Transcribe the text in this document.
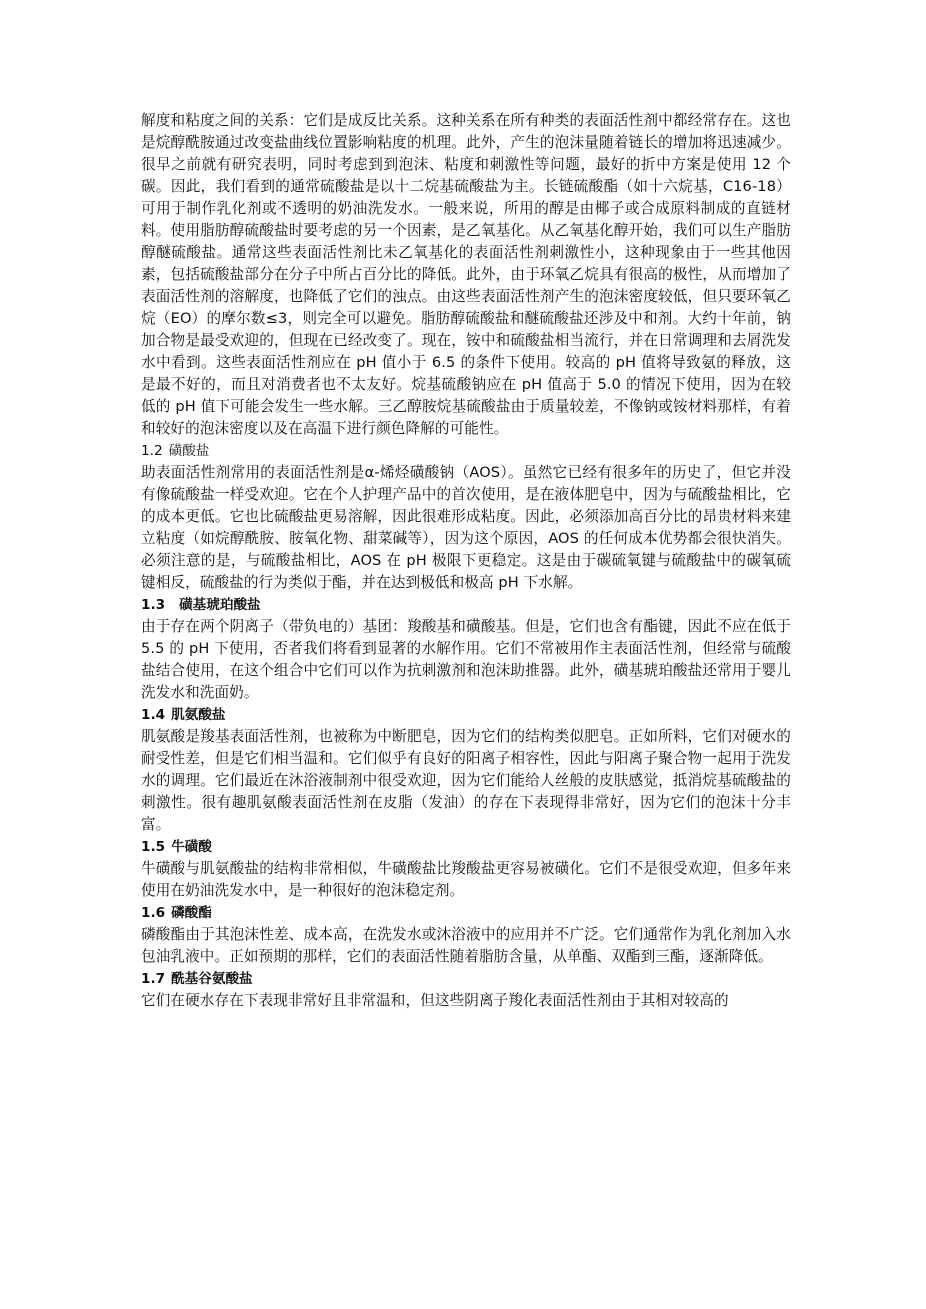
解度和粘度之间的关系：它们是成反比关系。这种关系在所有种类的表面活性剂中都经常存在。这也是烷醇酰胺通过改变盐曲线位置影响粘度的机理。此外，产生的泡沫量随着链长的增加将迅速减少。很早之前就有研究表明，同时考虑到到泡沫、粘度和刺激性等问题，最好的折中方案是使用 12 个碳。因此，我们看到的通常硫酸盐是以十二烷基硫酸盐为主。长链硫酸酯（如十六烷基，C16-18）可用于制作乳化剂或不透明的奶油洗发水。一般来说，所用的醇是由椰子或合成原料制成的直链材料。使用脂肪醇硫酸盐时要考虑的另一个因素，是乙氧基化。从乙氧基化醇开始，我们可以生产脂肪醇醚硫酸盐。通常这些表面活性剂比未乙氧基化的表面活性剂刺激性小，这种现象由于一些其他因素，包括硫酸盐部分在分子中所占百分比的降低。此外，由于环氧乙烷具有很高的极性，从而增加了表面活性剂的溶解度，也降低了它们的浊点。由这些表面活性剂产生的泡沫密度较低，但只要环氧乙烷（EO）的摩尔数≤3，则完全可以避免。脂肪醇硫酸盐和醚硫酸盐还涉及中和剂。大约十年前，钠加合物是最受欢迎的，但现在已经改变了。现在，铵中和硫酸盐相当流行，并在日常调理和去屑洗发水中看到。这些表面活性剂应在 pH 值小于 6.5 的条件下使用。较高的 pH 值将导致氨的释放，这是最不好的，而且对消费者也不太友好。烷基硫酸钠应在 pH 值高于 5.0 的情况下使用，因为在较低的 pH 值下可能会发生一些水解。三乙醇胺烷基硫酸盐由于质量较差，不像钠或铵材料那样，有着和较好的泡沫密度以及在高温下进行颜色降解的可能性。

1.2 磺酸盐

助表面活性剂常用的表面活性剂是α-烯烃磺酸钠（AOS）。虽然它已经有很多年的历史了，但它并没有像硫酸盐一样受欢迎。它在个人护理产品中的首次使用，是在液体肥皂中，因为与硫酸盐相比，它的成本更低。它也比硫酸盐更易溶解，因此很难形成粘度。因此，必须添加高百分比的昂贵材料来建立粘度（如烷醇酰胺、胺氧化物、甜菜碱等），因为这个原因，AOS 的任何成本优势都会很快消失。必须注意的是，与硫酸盐相比，AOS 在 pH 极限下更稳定。这是由于碳硫氧键与硫酸盐中的碳氧硫键相反，硫酸盐的行为类似于酯，并在达到极低和极高 pH 下水解。

1.3 磺基琥珀酸盐

由于存在两个阴离子（带负电的）基团：羧酸基和磺酸基。但是，它们也含有酯键，因此不应在低于 5.5 的 pH 下使用，否者我们将看到显著的水解作用。它们不常被用作主表面活性剂，但经常与硫酸盐结合使用，在这个组合中它们可以作为抗刺激剂和泡沫助推器。此外，磺基琥珀酸盐还常用于婴儿洗发水和洗面奶。

1.4 肌氨酸盐

肌氨酸是羧基表面活性剂，也被称为中断肥皂，因为它们的结构类似肥皂。正如所料，它们对硬水的耐受性差，但是它们相当温和。它们似乎有良好的阳离子相容性，因此与阳离子聚合物一起用于洗发水的调理。它们最近在沐浴液制剂中很受欢迎，因为它们能给人丝般的皮肤感觉，抵消烷基硫酸盐的刺激性。很有趣肌氨酸表面活性剂在皮脂（发油）的存在下表现得非常好，因为它们的泡沫十分丰富。

1.5 牛磺酸

牛磺酸与肌氨酸盐的结构非常相似，牛磺酸盐比羧酸盐更容易被磺化。它们不是很受欢迎，但多年来使用在奶油洗发水中，是一种很好的泡沫稳定剂。

1.6 磷酸酯

磷酸酯由于其泡沫性差、成本高，在洗发水或沐浴液中的应用并不广泛。它们通常作为乳化剂加入水包油乳液中。正如预期的那样，它们的表面活性随着脂肪含量，从单酯、双酯到三酯，逐渐降低。

1.7 酰基谷氨酸盐

它们在硬水存在下表现非常好且非常温和，但这些阴离子羧化表面活性剂由于其相对较高的
